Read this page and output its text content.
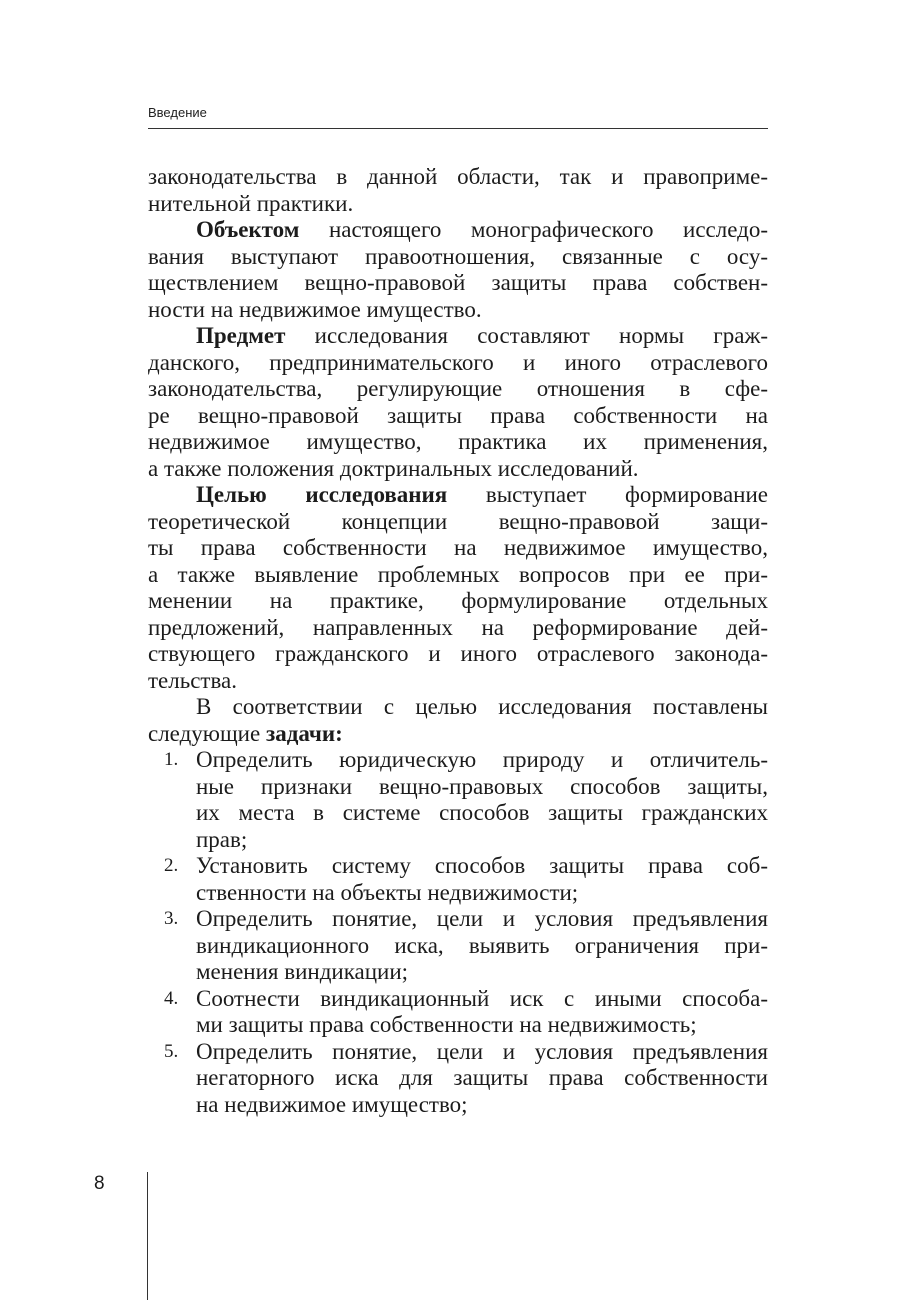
Введение
законодательства в данной области, так и правоприме-
нительной практики.
Объектом настоящего монографического исследо-
вания выступают правоотношения, связанные с осу-
ществлением вещно-правовой защиты права собствен-
ности на недвижимое имущество.
Предмет исследования составляют нормы граж-
данского, предпринимательского и иного отраслевого
законодательства, регулирующие отношения в сфе-
ре вещно-правовой защиты права собственности на
недвижимое имущество, практика их применения,
а также положения доктринальных исследований.
Целью исследования выступает формирование
теоретической концепции вещно-правовой защи-
ты права собственности на недвижимое имущество,
а также выявление проблемных вопросов при ее при-
менении на практике, формулирование отдельных
предложений, направленных на реформирование дей-
ствующего гражданского и иного отраслевого законода-
тельства.
В соответствии с целью исследования поставлены
следующие задачи:
1. Определить юридическую природу и отличитель-
ные признаки вещно-правовых способов защиты,
их места в системе способов защиты гражданских
прав;
2. Установить систему способов защиты права соб-
ственности на объекты недвижимости;
3. Определить понятие, цели и условия предъявления
виндикационного иска, выявить ограничения при-
менения виндикации;
4. Соотнести виндикационный иск с иными способа-
ми защиты права собственности на недвижимость;
5. Определить понятие, цели и условия предъявления
негаторного иска для защиты права собственности
на недвижимое имущество;
8
